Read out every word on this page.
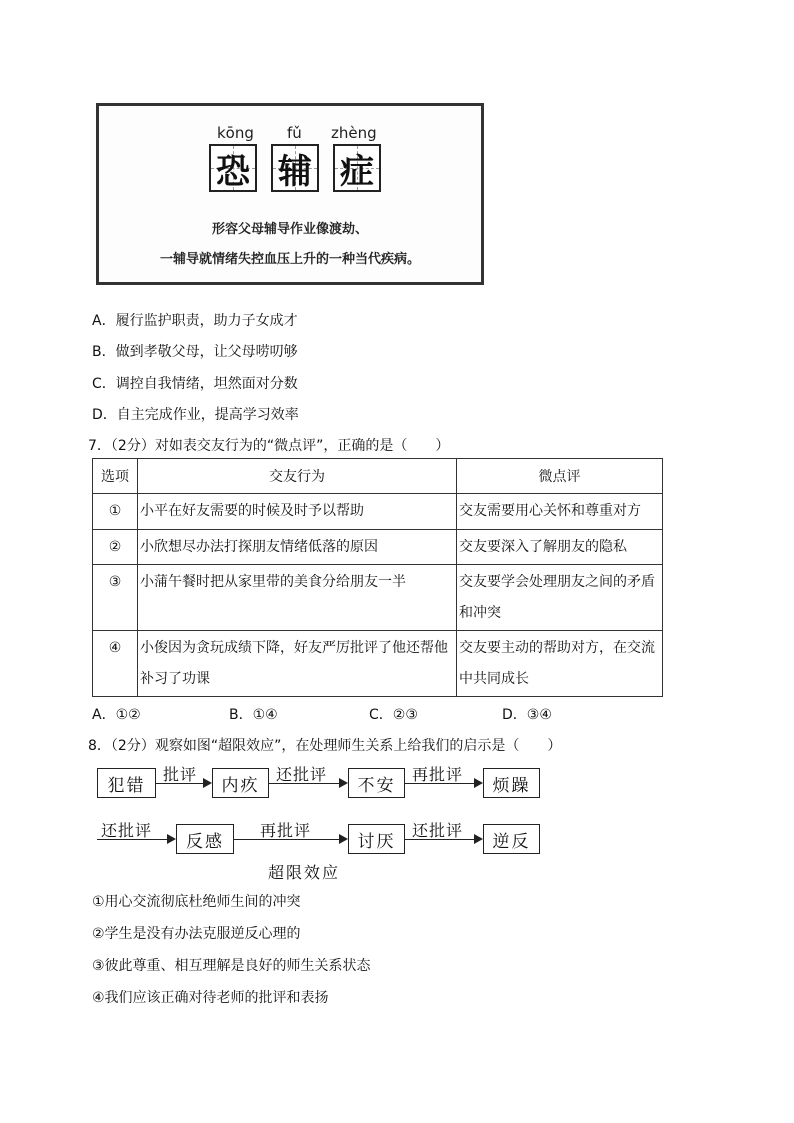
kōng fǔ zhèng
恐 辅 症
形容父母辅导作业像渡劫、
一辅导就情绪失控血压上升的一种当代疾病。
A．履行监护职责，助力子女成才
B．做到孝敬父母，让父母唠叨够
C．调控自我情绪，坦然面对分数
D．自主完成作业，提高学习效率
7．（2分）对如表交友行为的“微点评”，正确的是（　　）
选项	交友行为	微点评

①	小平在好友需要的时候及时予以帮助	交友需要用心关怀和尊重对方

②	小欣想尽办法打探朋友情绪低落的原因	交友要深入了解朋友的隐私

③	小蒲午餐时把从家里带的美食分给朋友一半	交友要学会处理朋友之间的矛盾和冲突

④	小俊因为贪玩成绩下降，好友严厉批评了他还帮他补习了功课	交友要主动的帮助对方，在交流中共同成长
A．①②	B．①④	C．②③	D．③④
8．（2分）观察如图“超限效应”，在处理师生关系上给我们的启示是（　　）
犯错
批评
内疚
还批评
不安
再批评
烦躁
还批评
反感
再批评
讨厌
还批评
逆反
超限效应
①用心交流彻底杜绝师生间的冲突
②学生是没有办法克服逆反心理的
③彼此尊重、相互理解是良好的师生关系状态
④我们应该正确对待老师的批评和表扬
